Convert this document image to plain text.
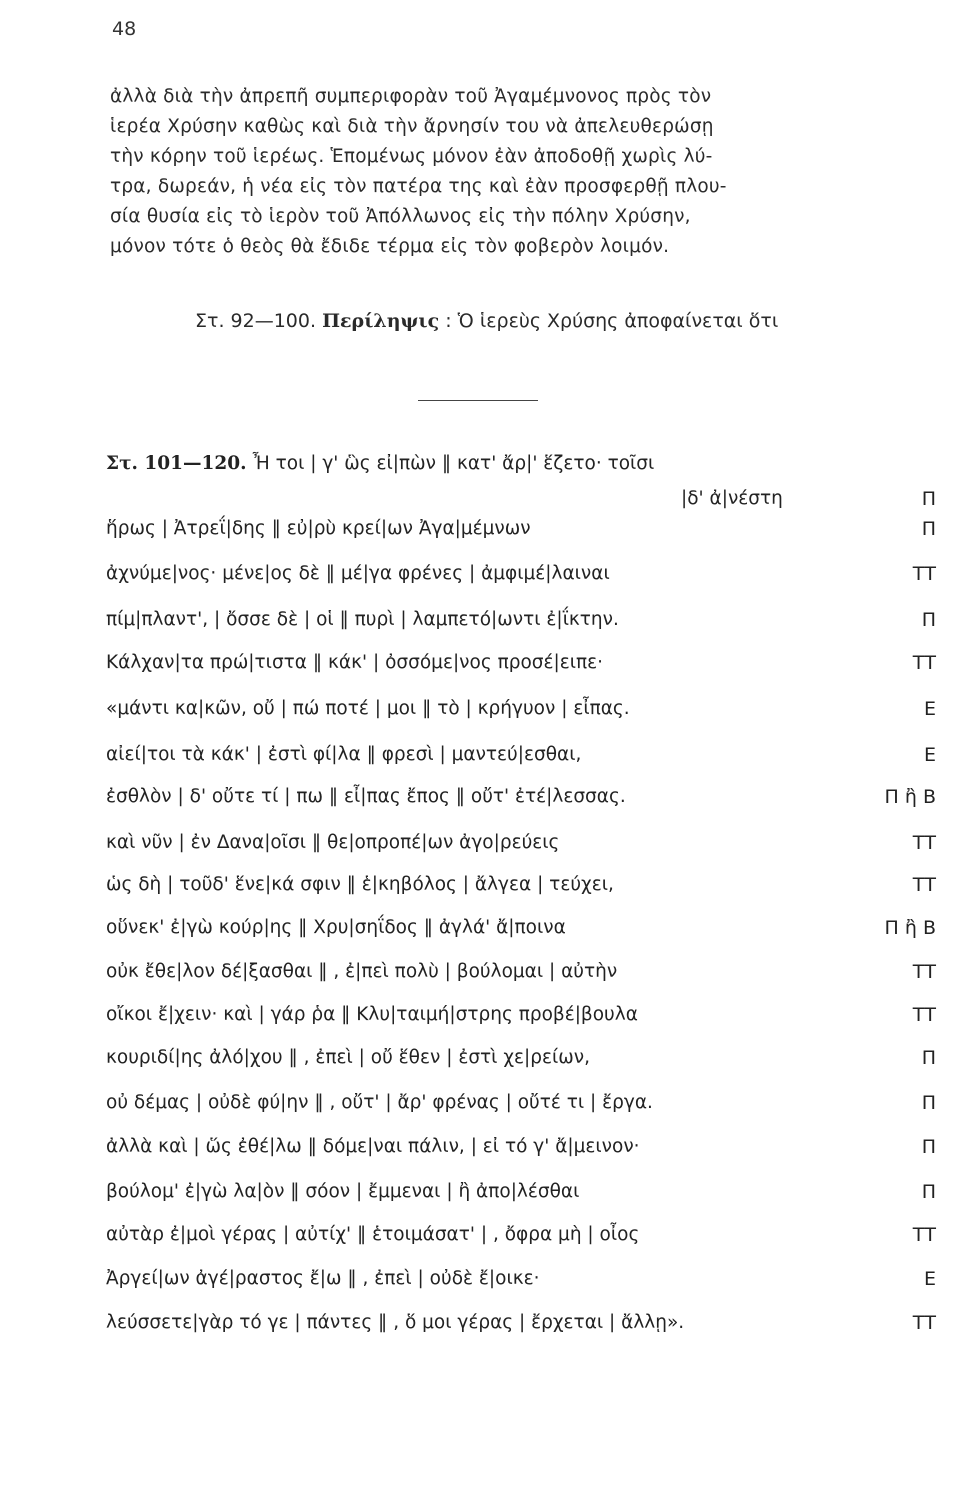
48
ἀλλὰ διὰ τὴν ἀπρεπῆ συμπεριφορὰν τοῦ Ἀγαμέμνονος πρὸς τὸν
ἱερέα Χρύσην καθὼς καὶ διὰ τὴν ἄρνησίν του νὰ ἀπελευθερώσῃ
τὴν κόρην τοῦ ἱερέως. Ἑπομένως μόνον ἐὰν ἀποδοθῇ χωρὶς λύ-
τρα, δωρεάν, ἡ νέα εἰς τὸν πατέρα της καὶ ἐὰν προσφερθῇ πλου-
σία θυσία εἰς τὸ ἱερὸν τοῦ Ἀπόλλωνος εἰς τὴν πόλην Χρύσην,
μόνον τότε ὁ θεὸς θὰ ἔδιδε τέρμα εἰς τὸν φοβερὸν λοιμόν.
Στ. 92—100. Περίληψις : Ὁ ἱερεὺς Χρύσης ἀποφαίνεται ὅτι
Στ. 101—120. Ἦ τοι | γ' ὣς εἰ|πὼν ‖ κατ' ἄρ|' ἕζετο· τοῖσι
|δ' ἀ|νέστη	Π
ἥρως | Ἀτρεΐ|δης ‖ εὐ|ρὺ κρεί|ων Ἀγα|μέμνων	Π
ἀχνύμε|νος· μένε|ος δὲ ‖ μέ|γα φρένες | ἀμφιμέ|λαιναι	ΤΤ
πίμ|πλαντ', | ὄσσε δὲ | οἱ ‖ πυρὶ | λαμπετό|ωντι ἐ|ΐκτην.	Π
Κάλχαν|τα πρώ|τιστα ‖ κάκ' | ὀσσόμε|νος προσέ|ειπε·	ΤΤ
«μάντι κα|κῶν, οὔ | πώ ποτέ | μοι ‖ τὸ | κρήγυον | εἶπας.	Ε
αἰεί|τοι τὰ κάκ' | ἐστὶ φί|λα ‖ φρεσὶ | μαντεύ|εσθαι,	Ε
ἐσθλὸν | δ' οὔτε τί | πω ‖ εἶ|πας ἔπος ‖ οὔτ' ἐτέ|λεσσας.	Π ἢ Β
καὶ νῦν | ἐν Δανα|οῖσι ‖ θε|οπροπέ|ων ἀγο|ρεύεις	ΤΤ
ὡς δὴ | τοῦδ' ἕνε|κά σφιν ‖ ἑ|κηβόλος | ἄλγεα | τεύχει,	ΤΤ
οὕνεκ' ἐ|γὼ κούρ|ης ‖ Χρυ|σηΐδος ‖ ἀγλά' ἄ|ποινα	Π ἢ Β
οὐκ ἔθε|λον δέ|ξασθαι ‖ , ἐ|πεὶ πολὺ | βούλομαι | αὐτὴν	ΤΤ
οἴκοι ἔ|χειν· καὶ | γάρ ῥα ‖ Κλυ|ταιμή|στρης προβέ|βουλα	ΤΤ
κουριδί|ης ἀλό|χου ‖ , ἐπεὶ | οὔ ἕθεν | ἐστὶ χε|ρείων,	Π
οὐ δέμας | οὐδὲ φύ|ην ‖ , οὔτ' | ἄρ' φρένας | οὔτέ τι | ἔργα.	Π
ἀλλὰ καὶ | ὥς ἐθέ|λω ‖ δόμε|ναι πάλιν, | εἰ τό γ' ἄ|μεινον·	Π
βούλομ' ἐ|γὼ λα|ὸν ‖ σόον | ἔμμεναι | ἢ ἀπο|λέσθαι	Π
αὐτὰρ ἐ|μοὶ γέρας | αὐτίχ' ‖ ἑτοιμάσατ' | , ὄφρα μὴ | οἶος	ΤΤ
Ἀργεί|ων ἀγέ|ραστος ἔ|ω ‖ , ἐπεὶ | οὐδὲ ἔ|οικε·	Ε
λεύσσετε|γὰρ τό γε | πάντες ‖ , ὅ μοι γέρας | ἔρχεται | ἄλλῃ».	ΤΤ
